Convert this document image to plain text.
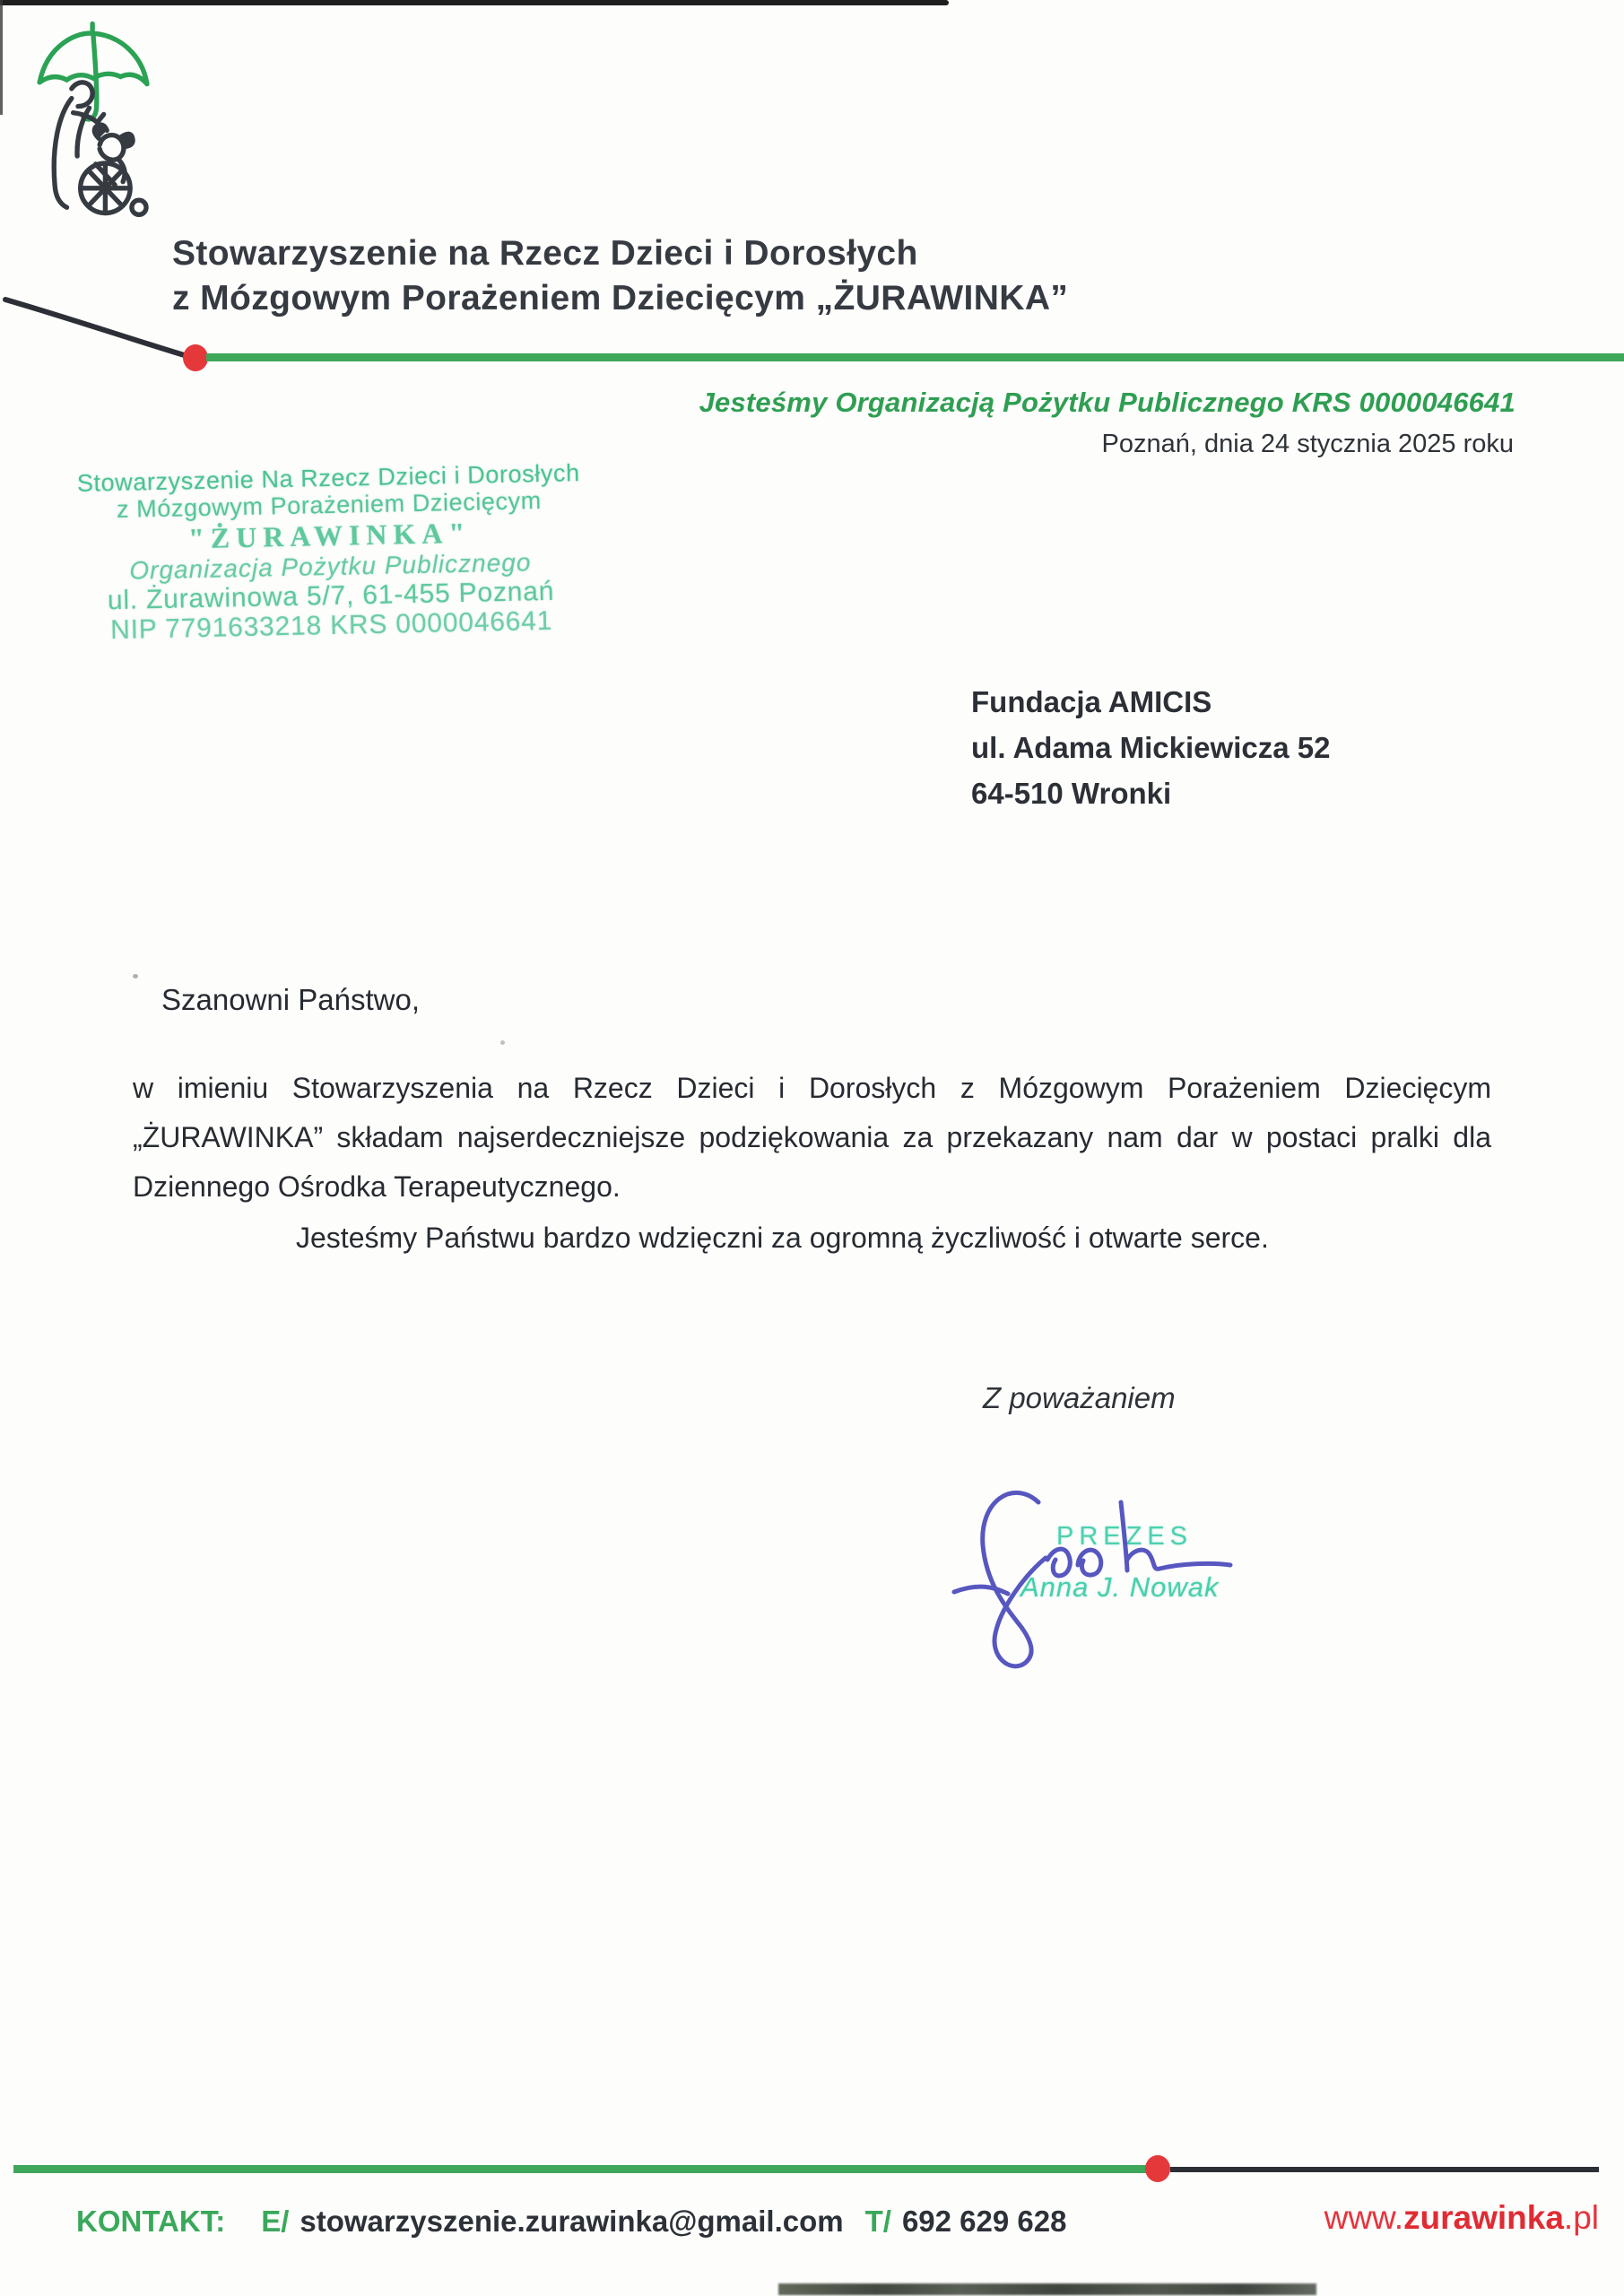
Stowarzyszenie na Rzecz Dzieci i Dorosłych
z Mózgowym Porażeniem Dziecięcym „ŻURAWINKA”
Jesteśmy Organizacją Pożytku Publicznego KRS 0000046641
Poznań, dnia 24 stycznia 2025 roku
Stowarzyszenie Na Rzecz Dzieci i Dorosłych
z Mózgowym Porażeniem Dziecięcym
"ŻURAWINKA"
Organizacja Pożytku Publicznego
ul. Żurawinowa 5/7, 61-455 Poznań
NIP 7791633218 KRS 0000046641
Fundacja AMICIS
ul. Adama Mickiewicza 52
64-510 Wronki
Szanowni Państwo,
w imieniu Stowarzyszenia na Rzecz Dzieci i Dorosłych z Mózgowym Porażeniem Dziecięcym
„ŻURAWINKA” składam najserdeczniejsze podziękowania za przekazany nam dar w postaci pralki dla
Dziennego Ośrodka Terapeutycznego.
Jesteśmy Państwu bardzo wdzięczni za ogromną życzliwość i otwarte serce.
Z poważaniem
PREZES
Anna J. Nowak
KONTAKT: E/ stowarzyszenie.zurawinka@gmail.com T/ 692 629 628	www.zurawinka.pl
